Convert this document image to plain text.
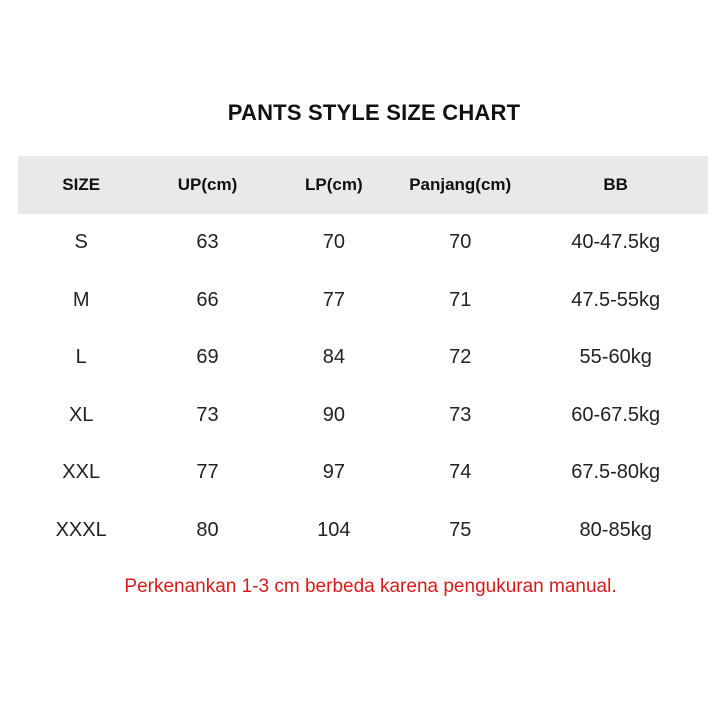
PANTS STYLE SIZE CHART
SIZE	UP(cm)	LP(cm)	Panjang(cm)	BB
S	63	70	70	40-47.5kg
M	66	77	71	47.5-55kg
L	69	84	72	55-60kg
XL	73	90	73	60-67.5kg
XXL	77	97	74	67.5-80kg
XXXL	80	104	75	80-85kg
Perkenankan 1-3 cm berbeda karena pengukuran manual.
